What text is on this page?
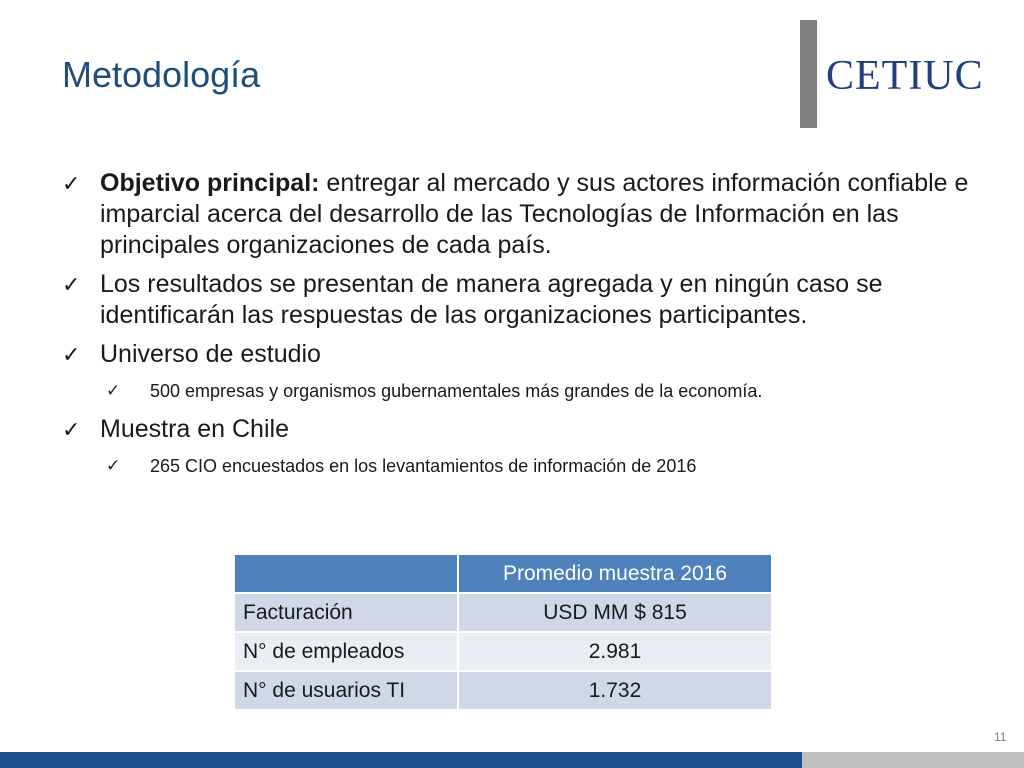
Metodología	CETIUC
✓ Objetivo principal: entregar al mercado y sus actores información confiable e imparcial acerca del desarrollo de las Tecnologías de Información en las principales organizaciones de cada país.
✓ Los resultados se presentan de manera agregada y en ningún caso se identificarán las respuestas de las organizaciones participantes.
✓ Universo de estudio
✓	500 empresas y organismos gubernamentales más grandes de la economía.
✓ Muestra en Chile
✓	265 CIO encuestados en los levantamientos de información de 2016
	Promedio muestra 2016
Facturación	USD MM $ 815
N° de empleados	2.981
N° de usuarios TI	1.732
11
